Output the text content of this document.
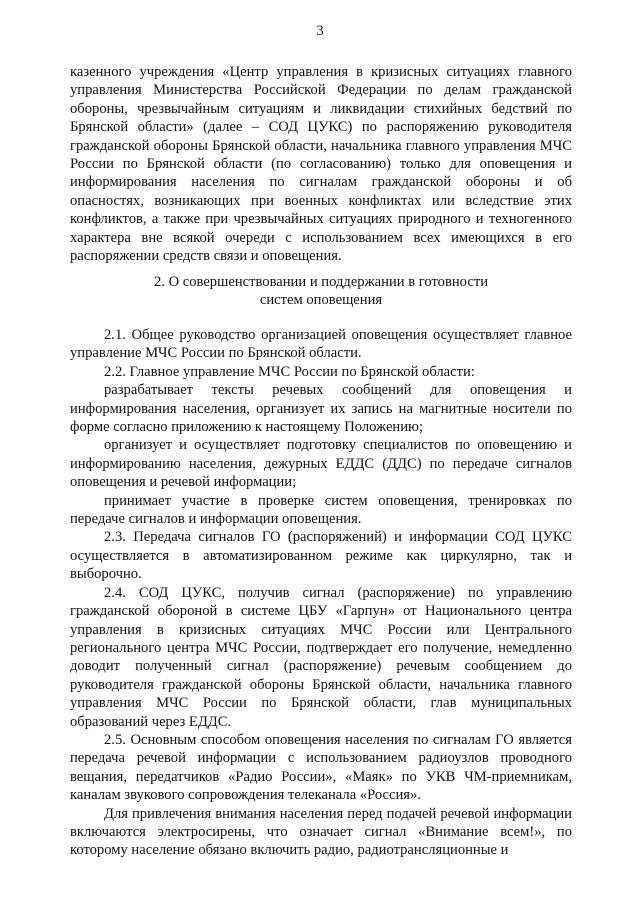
3

казенного учреждения «Центр управления в кризисных ситуациях главного управления Министерства Российской Федерации по делам гражданской обороны, чрезвычайным ситуациям и ликвидации стихийных бедствий по Брянской области» (далее – СОД ЦУКС) по распоряжению руководителя гражданской обороны Брянской области, начальника главного управления МЧС России по Брянской области (по согласованию) только для оповещения и информирования населения по сигналам гражданской обороны и об опасностях, возникающих при военных конфликтах или вследствие этих конфликтов, а также при чрезвычайных ситуациях природного и техногенного характера вне всякой очереди с использованием всех имеющихся в его распоряжении средств связи и оповещения.

2. О совершенствовании и поддержании в готовности

систем оповещения

2.1. Общее руководство организацией оповещения осуществляет главное управление МЧС России по Брянской области.

2.2. Главное управление МЧС России по Брянской области:

разрабатывает тексты речевых сообщений для оповещения и информирования населения, организует их запись на магнитные носители по форме согласно приложению к настоящему Положению;

организует и осуществляет подготовку специалистов по оповещению и информированию населения, дежурных ЕДДС (ДДС) по передаче сигналов оповещения и речевой информации;

принимает участие в проверке систем оповещения, тренировках по передаче сигналов и информации оповещения.

2.3. Передача сигналов ГО (распоряжений) и информации СОД ЦУКС осуществляется в автоматизированном режиме как циркулярно, так и выборочно.

2.4. СОД ЦУКС, получив сигнал (распоряжение) по управлению гражданской обороной в системе ЦБУ «Гарпун» от Национального центра управления в кризисных ситуациях МЧС России или Центрального регионального центра МЧС России, подтверждает его получение, немедленно доводит полученный сигнал (распоряжение) речевым сообщением до руководителя гражданской обороны Брянской области, начальника главного управления МЧС России по Брянской области, глав муниципальных образований через ЕДДС.

2.5. Основным способом оповещения населения по сигналам ГО является передача речевой информации с использованием радиоузлов проводного вещания, передатчиков «Радио России», «Маяк» по УКВ ЧМ-приемникам, каналам звукового сопровождения телеканала «Россия».

Для привлечения внимания населения перед подачей речевой информации включаются электросирены, что означает сигнал «Внимание всем!», по которому население обязано включить радио, радиотрансляционные и
